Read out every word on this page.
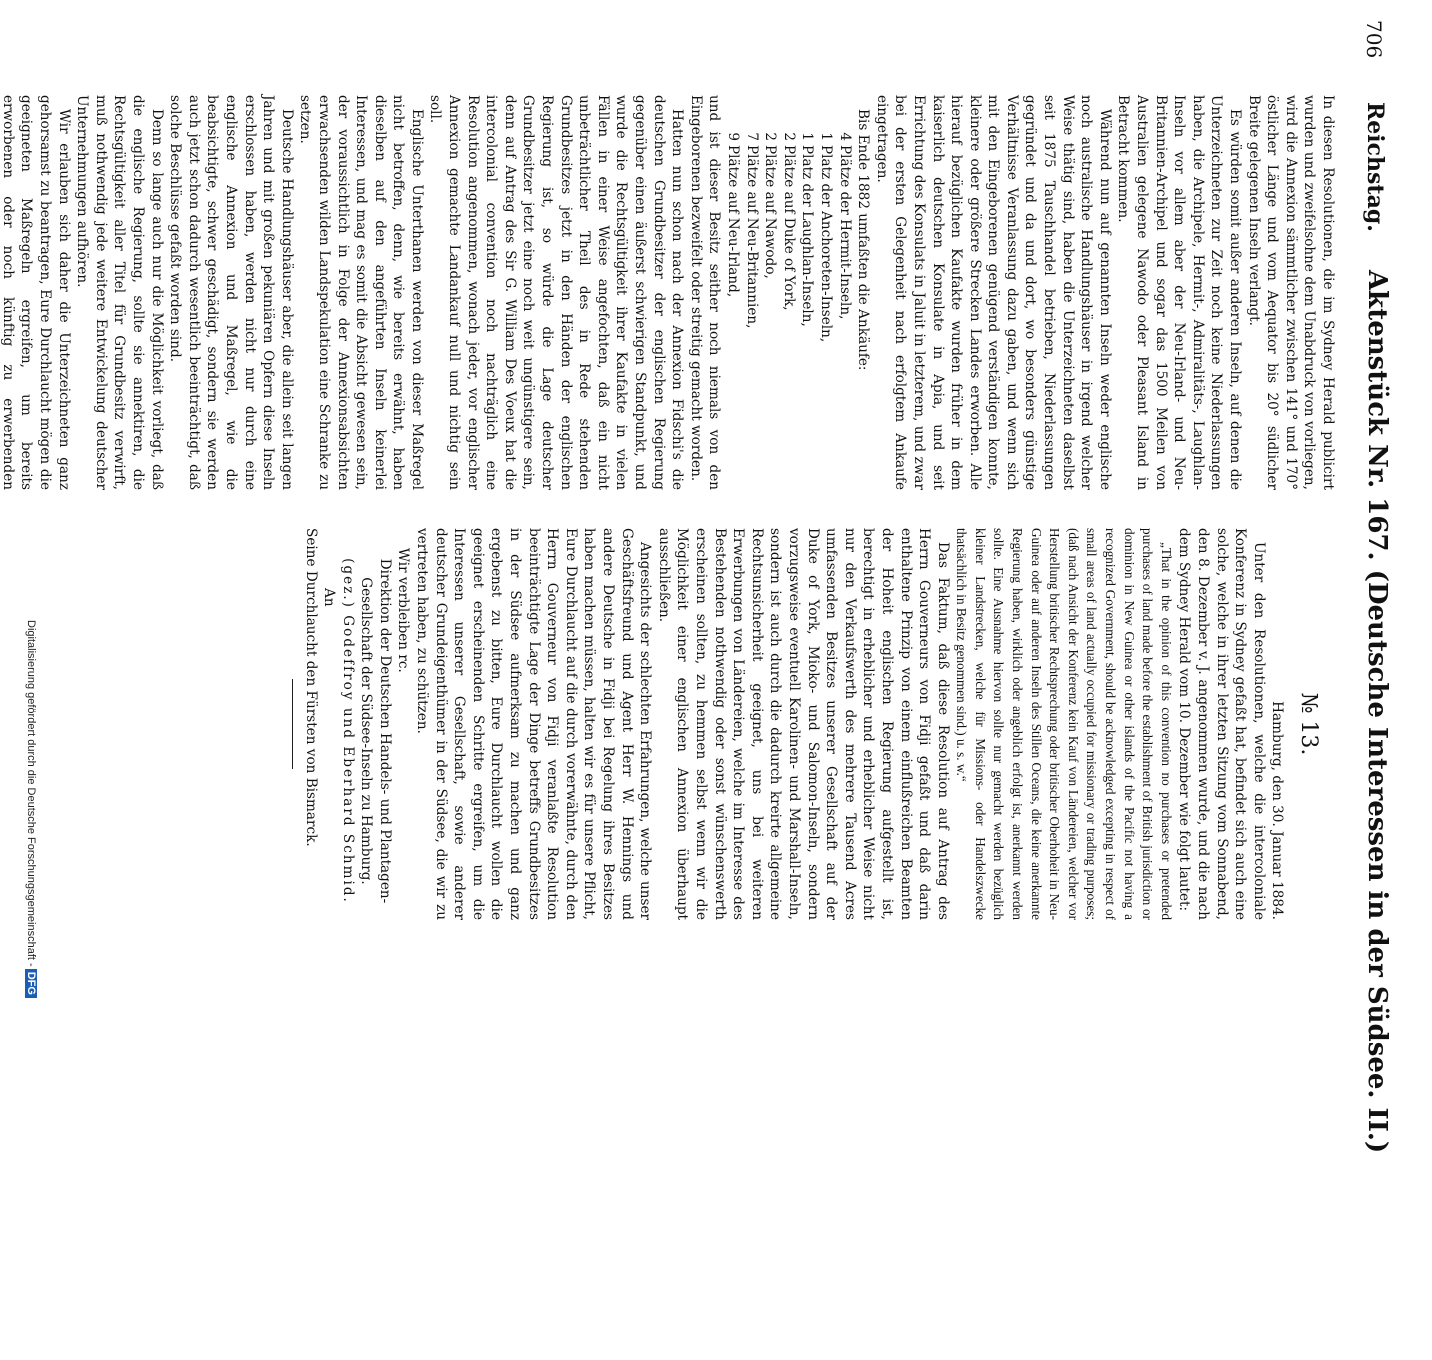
706
Reichstag.
Aktenstück Nr. 167. (Deutsche Interessen in der Südsee. II.)

In diesen Resolutionen, die im Sydney Herald publicirt wurden und zweifelsohne dem Unabdruck von vorliegen, wird die Annexion sämmtlicher zwischen 141° und 170° östlicher Länge und vom Aequator bis 20° südlicher Breite gelegenen Inseln verlangt.

Es würden somit außer anderen Inseln, auf denen die Unterzeichneten zur Zeit noch keine Niederlassungen haben, die Archipele, Hermit-, Admiralitäts-, Laughlan-Inseln vor allem aber der Neu-Irland- und Neu-Britannien-Archipel und sogar das 1500 Meilen von Australien gelegene Nawodo oder Pleasant Island in Betracht kommen.

Während nun auf genannten Inseln weder englische noch australische Handlungshäuser in irgend welcher Weise thätig sind, haben die Unterzeichneten daselbst seit 1875 Tauschhandel betrieben, Niederlassungen gegründet und da und dort, wo besonders günstige Verhältnisse Veranlassung dazu gaben, und wenn sich mit den Eingeborenen genügend verständigen konnte, kleinere oder größere Strecken Landes erworben. Alle hierauf bezüglichen Kaufakte wurden früher in dem kaiserlich deutschen Konsulate in Apia, und seit Errichtung des Konsulats in Jaluit in letzterem, und zwar bei der ersten Gelegenheit nach erfolgtem Ankaufe eingetragen.

Bis Ende 1882 umfaßten die Ankäufe:

4Plätze der Hermit-Inseln,
1Platz der Anchoreten-Inseln,
1Platz der Laughlan-Inseln,
2Plätze auf Duke of York,
2Plätze auf Nawodo,
7Plätze auf Neu-Britannien,
9Plätze auf Neu-Irland,

und ist dieser Besitz seither noch niemals von den Eingeborenen bezweifelt oder streitig gemacht worden.

Hatten nun schon nach der Annexion Fidschi's die deutschen Grundbesitzer der englischen Regierung gegenüber einen äußerst schwierigen Standpunkt, und wurde die Rechtsgültigkeit ihrer Kaufakte in vielen Fällen in einer Weise angefochten, daß ein nicht unbeträchtlicher Theil des in Rede stehenden Grundbesitzes jetzt in den Händen der englischen Regierung ist, so würde die Lage deutscher Grundbesitzer jetzt eine noch weit ungünstigere sein, denn auf Antrag des Sir G. William Des Voeux hat die intercolonial convention noch nachträglich eine Resolution angenommen, wonach jeder, vor englischer Annexion gemachte Landankauf null und nichtig sein soll.

Englische Unterthanen werden von dieser Maßregel nicht betroffen, denn, wie bereits erwähnt, haben dieselben auf den angeführten Inseln keinerlei Interessen, und mag es somit die Absicht gewesen sein, der voraussichtlich in Folge der Annexionsabsichten erwachsenden wilden Landspekulation eine Schranke zu setzen.

Deutsche Handlungshäuser aber, die allein seit langen Jahren und mit großen pekuniären Opfern diese Inseln erschlossen haben, werden nicht nur durch eine englische Annexion und Maßregel, wie die beabsichtigte, schwer geschädigt, sondern sie werden auch jetzt schon dadurch wesentlich beeinträchtigt, daß solche Beschlüsse gefaßt worden sind.

Denn so lange auch nur die Möglichkeit vorliegt, daß die englische Regierung, sollte sie annektiren, die Rechtsgültigkeit aller Titel für Grundbesitz verwirft, muß nothwendig jede weitere Entwickelung deutscher Unternehmungen aufhören.

Wir erlauben sich daher die Unterzeichneten ganz gehorsamst zu beantragen, Eure Durchlaucht mögen die geeigneten Maßregeln ergreifen, um bereits erworbenen oder noch künftig zu erwerbenden

№ 13.

Hamburg, den 30. Januar 1884.

Unter den Resolutionen, welche die intercoloniale Konferenz in Sydney gefaßt hat, befindet sich auch eine solche, welche in ihrer letzten Sitzung vom Sonnabend, den 8. Dezember v. J. angenommen wurde, und die nach dem Sydney Herald vom 10. Dezember wie folgt lautet:

„That in the opinion of this convention no purchases or pretended purchases of land made before the establishment of British jurisdiction or dominion in New Guinea or other islands of the Pacific not having a recognized Government, should be acknowledged excepting in respect of small areas of land actually occupied for missionary or trading purposes; (daß nach Ansicht der Konferenz kein Kauf von Ländereien, welcher vor Herstellung britischer Rechtsprechung oder britischer Oberhoheit in Neu-Guinea oder auf anderen Inseln des Stillen Oceans, die keine anerkannte Regierung haben, wirklich oder angeblich erfolgt ist, anerkannt werden sollte. Eine Ausnahme hiervon sollte nur gemacht werden bezüglich kleiner Landstrecken, welche für Missions- oder Handelszwecke thatsächlich in Besitz genommen sind.) u. s. w.“

Das Faktum, daß diese Resolution auf Antrag des Herrn Gouverneurs von Fidji gefaßt und daß darin enthaltene Prinzip von einem einflußreichen Beamten der Hoheit englischen Regierung aufgestellt ist, berechtigt in erheblicher und erheblicher Weise nicht nur den Verkaufswerth des mehrere Tausend Acres umfassenden Besitzes unserer Gesellschaft auf der Duke of York, Mioko- und Salomon-Inseln, sondern vorzugsweise eventuell Karolinen- und Marshall-Inseln, sondern ist auch durch die dadurch kreirte allgemeine Rechtsunsicherheit geeignet, uns bei weiteren Erwerbungen von Ländereien, welche im Interesse des Bestehenden nothwendig oder sonst wünschenswerth erscheinen sollten, zu hemmen selbst wenn wir die Möglichkeit einer englischen Annexion überhaupt ausschließen.

Angesichts der schlechten Erfahrungen, welche unser Geschäftsfreund und Agent Herr W. Hennings und andere Deutsche in Fidji bei Regelung ihres Besitzes haben machen müssen, halten wir es für unsere Pflicht, Eure Durchlaucht auf die durch vorerwähnte, durch den Herrn Gouverneur von Fidji veranlaßte Resolution beeinträchtigte Lage der Dinge betreffs Grundbesitzes in der Südsee aufmerksam zu machen und ganz ergebenst zu bitten, Eure Durchlaucht wollen die geeignet erscheinenden Schritte ergreifen, um die Interessen unserer Gesellschaft, sowie anderer deutscher Grundeigenthümer in der Südsee, die wir zu vertreten haben, zu schützen.

Wir verbleiben rc.

Direktion der Deutschen Handels- und Plantagen-

Gesellschaft der Südsee-Inseln zu Hamburg.

(gez.) Godeffroy und Eberhard Schmid.

An

Seine Durchlaucht den Fürsten von Bismarck.

Digitalisierung gefördert durch die Deutsche Forschungsgemeinschaft -DFG
